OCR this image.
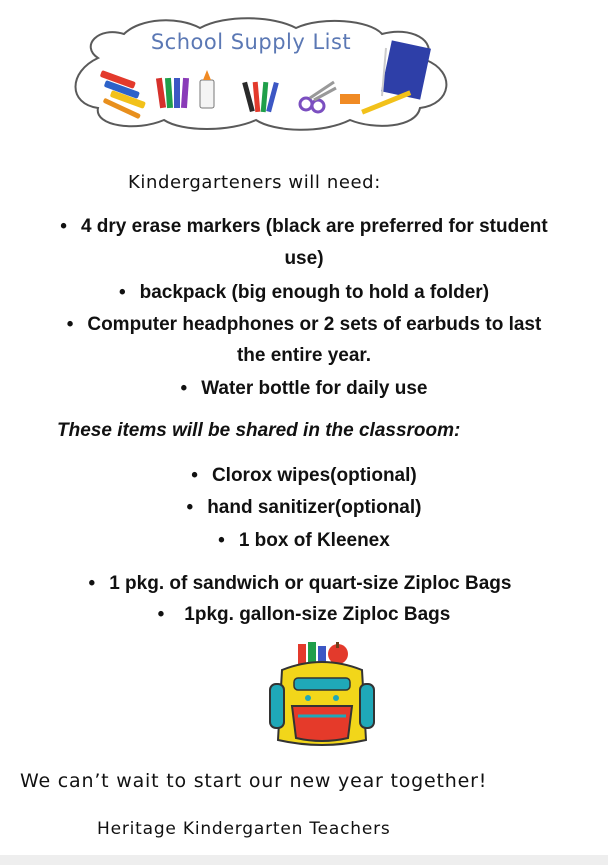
School Supply List
Kindergarteners will need:
• 4 dry erase markers (black are preferred for student
use)
• backpack (big enough to hold a folder)
• Computer headphones or 2 sets of earbuds to last
the entire year.
• Water bottle for daily use
These items will be shared in the classroom:
• Clorox wipes(optional)
• hand sanitizer(optional)
• 1 box of Kleenex
• 1 pkg. of sandwich or quart-size Ziploc Bags
• 1pkg. gallon-size Ziploc Bags
We can’t wait to start our new year together!
Heritage Kindergarten Teachers
